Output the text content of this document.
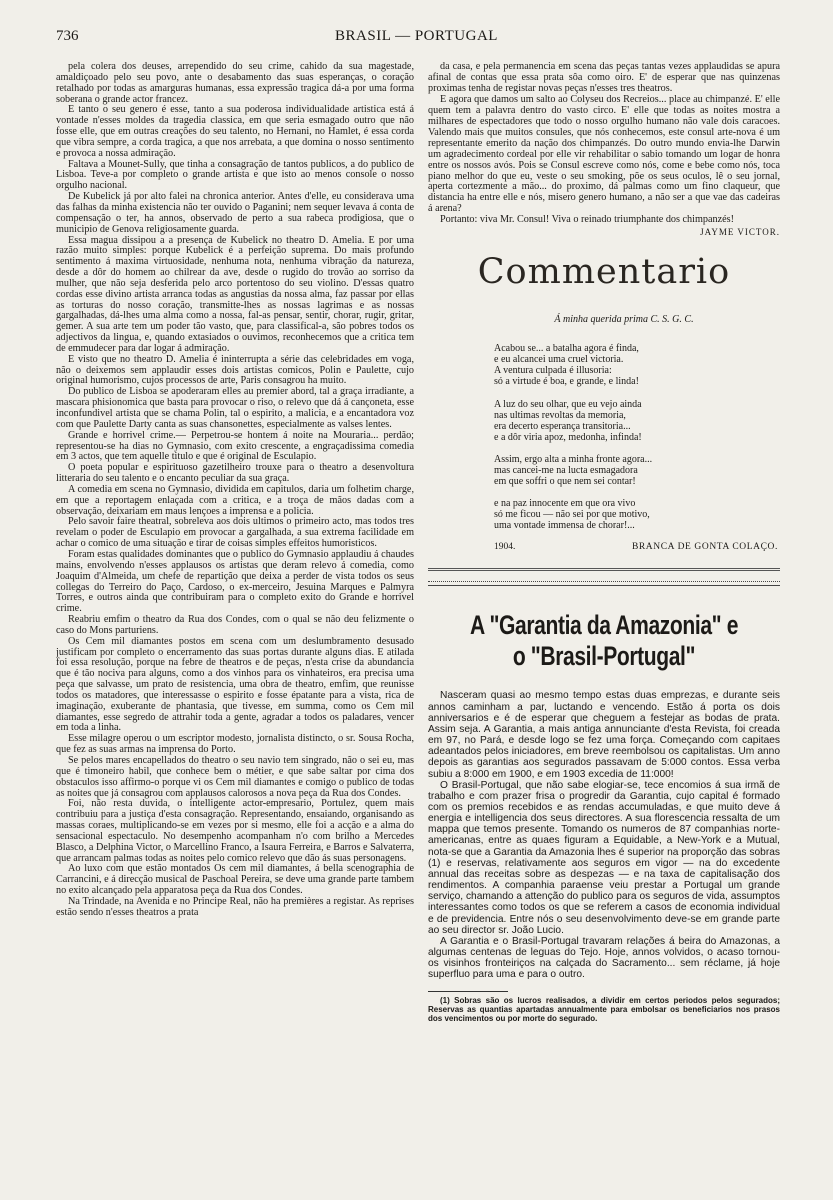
736	BRASIL — PORTUGAL

pela colera dos deuses, arrependido do seu crime, cahido da sua magestade, amaldiçoado pelo seu povo, ante o desabamento das suas esperanças, o coração retalhado por todas as amarguras humanas, essa expressão tragica dá-a por uma forma soberana o grande actor francez.

E tanto o seu genero é esse, tanto a sua poderosa individualidade artistica está á vontade n'esses moldes da tragedia classica, em que seria esmagado outro que não fosse elle, que em outras creações do seu talento, no Hernani, no Hamlet, é essa corda que vibra sempre, a corda tragica, a que nos arrebata, a que domina o nosso sentimento e provoca a nossa admiração.

Faltava a Mounet-Sully, que tinha a consagração de tantos publicos, a do publico de Lisboa. Teve-a por completo o grande artista e que isto ao menos console o nosso orgulho nacional.

De Kubelick já por alto falei na chronica anterior. Antes d'elle, eu considerava uma das falhas da minha existencia não ter ouvido o Paganini; nem sequer levava á conta de compensação o ter, ha annos, observado de perto a sua rabeca prodigiosa, que o municipio de Genova religiosamente guarda.

Essa magua dissipou a a presença de Kubelick no theatro D. Amelia. E por uma razão muito simples: porque Kubelick é a perfeição suprema. Do mais profundo sentimento á maxima virtuosidade, nenhuma nota, nenhuma vibração da natureza, desde a dôr do homem ao chilrear da ave, desde o rugido do trovão ao sorriso da mulher, que não seja desferida pelo arco portentoso do seu violino. D'essas quatro cordas esse divino artista arranca todas as angustias da nossa alma, faz passar por ellas as torturas do nosso coração, transmitte-lhes as nossas lagrimas e as nossas gargalhadas, dá-lhes uma alma como a nossa, fal-as pensar, sentir, chorar, rugir, gritar, gemer. A sua arte tem um poder tão vasto, que, para classifical-a, são pobres todos os adjectivos da lingua, e, quando extasiados o ouvimos, reconhecemos que a critica tem de emmudecer para dar logar á admiração.

E visto que no theatro D. Amelia é ininterrupta a série das celebridades em voga, não o deixemos sem applaudir esses dois artistas comicos, Polin e Paulette, cujo original humorismo, cujos processos de arte, Paris consagrou ha muito.

Do publico de Lisboa se apoderaram elles au premier abord, tal a graça irradiante, a mascara phisionomica que basta para provocar o riso, o relevo que dá á cançoneta, esse inconfundivel artista que se chama Polin, tal o espirito, a malicia, e a encantadora voz com que Paulette Darty canta as suas chansonettes, especialmente as valses lentes.

Grande e horrivel crime.— Perpetrou-se hontem á noite na Mouraria... perdão; representou-se ha dias no Gymnasio, com exito crescente, a engraçadissima comedia em 3 actos, que tem aquelle titulo e que é original de Esculapio.

O poeta popular e espirituoso gazetilheiro trouxe para o theatro a desenvoltura litteraria do seu talento e o encanto peculiar da sua graça.

A comedia em scena no Gymnasio, dividida em capitulos, daria um folhetim charge, em que a reportagem enlaçada com a critica, e a troça de mãos dadas com a observação, deixariam em maus lençoes a imprensa e a policia.

Pelo savoir faire theatral, sobreleva aos dois ultimos o primeiro acto, mas todos tres revelam o poder de Esculapio em provocar a gargalhada, a sua extrema facilidade em achar o comico de uma situação e tirar de coisas simples effeitos humoristicos.

Foram estas qualidades dominantes que o publico do Gymnasio applaudiu á chaudes mains, envolvendo n'esses applausos os artistas que deram relevo á comedia, como Joaquim d'Almeida, um chefe de repartição que deixa a perder de vista todos os seus collegas do Terreiro do Paço, Cardoso, o ex-merceiro, Jesuina Marques e Palmyra Torres, e outros ainda que contribuiram para o completo exito do Grande e horrivel crime.

Reabriu emfim o theatro da Rua dos Condes, com o qual se não deu felizmente o caso do Mons parturiens.

Os Cem mil diamantes postos em scena com um deslumbramento desusado justificam por completo o encerramento das suas portas durante alguns dias. E atilada foi essa resolução, porque na febre de theatros e de peças, n'esta crise da abundancia que é tão nociva para alguns, como a dos vinhos para os vinhateiros, era precisa uma peça que salvasse, um prato de resistencia, uma obra de theatro, emfim, que reunisse todos os matadores, que interessasse o espirito e fosse épatante para a vista, rica de imaginação, exuberante de phantasia, que tivesse, em summa, como os Cem mil diamantes, esse segredo de attrahir toda a gente, agradar a todos os paladares, vencer em toda a linha.

Esse milagre operou o um escriptor modesto, jornalista distincto, o sr. Sousa Rocha, que fez as suas armas na imprensa do Porto.

Se pelos mares encapellados do theatro o seu navio tem singrado, não o sei eu, mas que é timoneiro habil, que conhece bem o métier, e que sabe saltar por cima dos obstaculos isso affirmo-o porque vi os Cem mil diamantes e comigo o publico de todas as noites que já consagrou com applausos calorosos a nova peça da Rua dos Condes.

Foi, não resta duvida, o intelligente actor-empresario, Portulez, quem mais contribuiu para a justiça d'esta consagração. Representando, ensaiando, organisando as massas coraes, multiplicando-se em vezes por si mesmo, elle foi a acção e a alma do sensacional espectaculo. No desempenho acompanham n'o com brilho a Mercedes Blasco, a Delphina Victor, o Marcellino Franco, a Isaura Ferreira, e Barros e Salvaterra, que arrancam palmas todas as noites pelo comico relevo que dão ás suas personagens.

Ao luxo com que estão montados Os cem mil diamantes, á bella scenographia de Carrancini, e á direcção musical de Paschoal Pereira, se deve uma grande parte tambem no exito alcançado pela apparatosa peça da Rua dos Condes.

Na Trindade, na Avenida e no Principe Real, não ha premières a registar. As reprises estão sendo n'esses theatros a prata

da casa, e pela permanencia em scena das peças tantas vezes applaudidas se apura afinal de contas que essa prata sôa como oiro. E' de esperar que nas quinzenas proximas tenha de registar novas peças n'esses tres theatros.

E agora que damos um salto ao Colyseu dos Recreios... place au chimpanzé. E' elle quem tem a palavra dentro do vasto circo. E' elle que todas as noites mostra a milhares de espectadores que todo o nosso orgulho humano não vale dois caracoes. Valendo mais que muitos consules, que nós conhecemos, este consul arte-nova é um representante emerito da nação dos chimpanzés. Do outro mundo envia-lhe Darwin um agradecimento cordeal por elle vir rehabilitar o sabio tomando um logar de honra entre os nossos avós. Pois se Consul escreve como nós, come e bebe como nós, toca piano melhor do que eu, veste o seu smoking, põe os seus oculos, lê o seu jornal, aperta cortezmente a mão... do proximo, dá palmas como um fino claqueur, que distancia ha entre elle e nós, misero genero humano, a não ser a que vae das cadeiras á arena?

Portanto: viva Mr. Consul! Viva o reinado triumphante dos chimpanzés!

JAYME VICTOR.

Commentario
Á minha querida prima C. S. G. C.
Acabou se... a batalha agora é finda,
e eu alcancei uma cruel victoria.
A ventura culpada é illusoria:
só a virtude é boa, e grande, e linda!
A luz do seu olhar, que eu vejo ainda
nas ultimas revoltas da memoria,
era decerto esperança transitoria...
e a dôr viria apoz, medonha, infinda!
Assim, ergo alta a minha fronte agora...
mas cancei-me na lucta esmagadora
em que soffri o que nem sei contar!
e na paz innocente em que ora vivo
só me ficou — não sei por que motivo,
uma vontade immensa de chorar!...
1904.	BRANCA DE GONTA COLAÇO.
A "Garantia da Amazonia" e o "Brasil-Portugal"

Nasceram quasi ao mesmo tempo estas duas emprezas, e durante seis annos caminham a par, luctando e vencendo. Estão á porta os dois anniversarios e é de esperar que cheguem a festejar as bodas de prata. Assim seja. A Garantia, a mais antiga annunciante d'esta Revista, foi creada em 97, no Pará, e desde logo se fez uma força. Começando com capitaes adeantados pelos iniciadores, em breve reembolsou os capitalistas. Um anno depois as garantias aos segurados passavam de 5:000 contos. Essa verba subiu a 8:000 em 1900, e em 1903 excedia de 11:000!

O Brasil-Portugal, que não sabe elogiar-se, tece encomios á sua irmã de trabalho e com prazer frisa o progredir da Garantia, cujo capital é formado com os premios recebidos e as rendas accumuladas, e que muito deve á energia e intelligencia dos seus directores. A sua florescencia ressalta de um mappa que temos presente. Tomando os numeros de 87 companhias norte-americanas, entre as quaes figuram a Equidable, a New-York e a Mutual, nota-se que a Garantia da Amazonia lhes é superior na proporção das sobras (1) e reservas, relativamente aos seguros em vigor — na do excedente annual das receitas sobre as despezas — e na taxa de capitalisação dos rendimentos. A companhia paraense veiu prestar a Portugal um grande serviço, chamando a attenção do publico para os seguros de vida, assumptos interessantes como todos os que se referem a casos de economia individual e de previdencia. Entre nós o seu desenvolvimento deve-se em grande parte ao seu director sr. João Lucio.

A Garantia e o Brasil-Portugal travaram relações á beira do Amazonas, a algumas centenas de leguas do Tejo. Hoje, annos volvidos, o acaso tornou-os visinhos fronteiriços na calçada do Sacramento... sem réclame, já hoje superfluo para uma e para o outro.

(1) Sobras são os lucros realisados, a dividir em certos periodos pelos segurados; Reservas as quantias apartadas annualmente para embolsar os beneficiarios nos prasos dos vencimentos ou por morte do segurado.
